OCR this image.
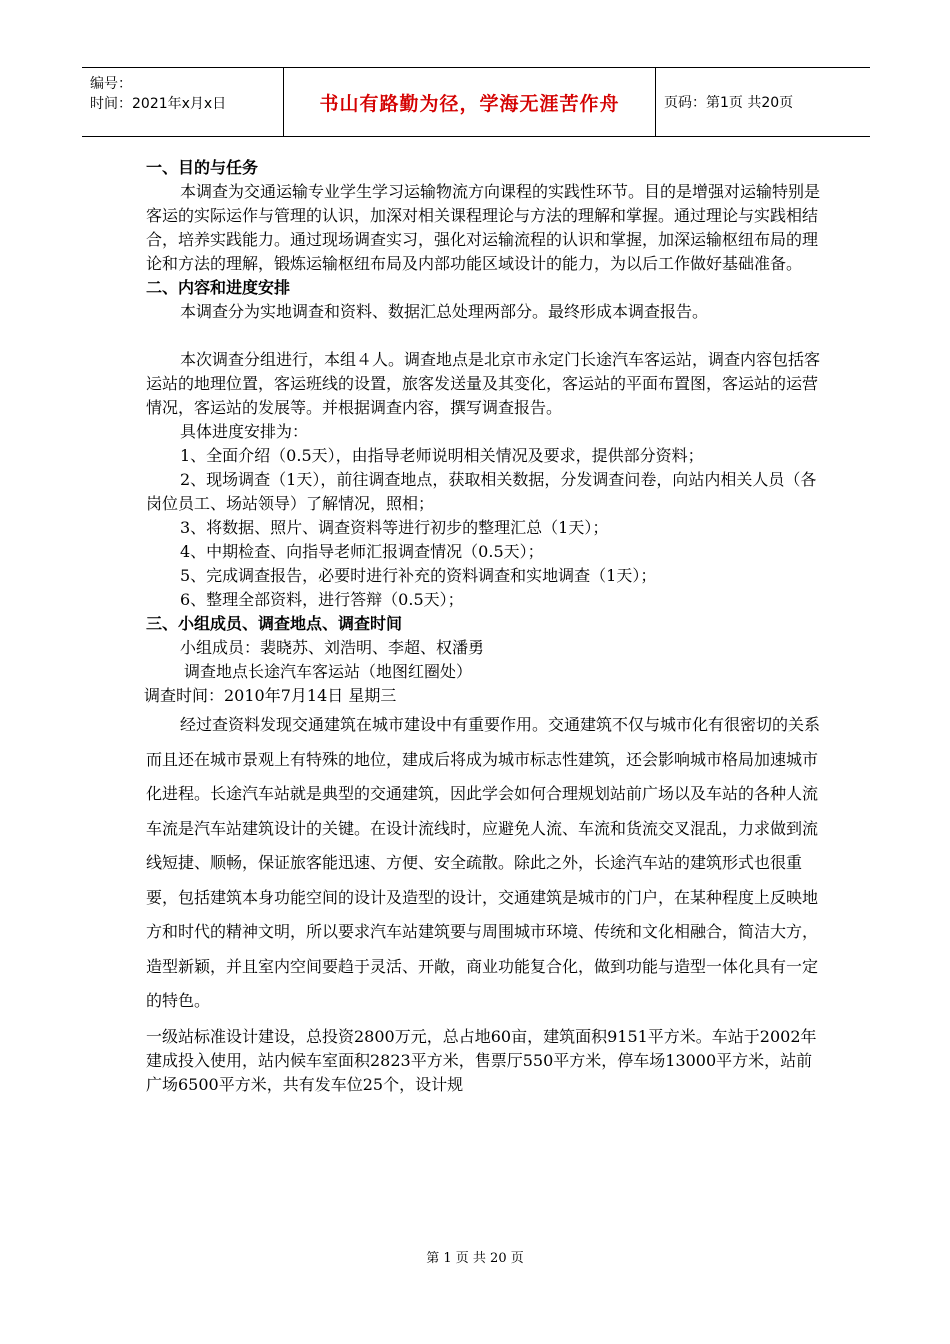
编号：
时间：2021年x月x日	书山有路勤为径，学海无涯苦作舟	页码：第1页 共20页

一、目的与任务

本调查为交通运输专业学生学习运输物流方向课程的实践性环节。目的是增强对运输特别是客运的实际运作与管理的认识，加深对相关课程理论与方法的理解和掌握。通过理论与实践相结合，培养实践能力。通过现场调查实习，强化对运输流程的认识和掌握，加深运输枢纽布局的理论和方法的理解，锻炼运输枢纽布局及内部功能区域设计的能力，为以后工作做好基础准备。

二、内容和进度安排

本调查分为实地调查和资料、数据汇总处理两部分。最终形成本调查报告。

本次调查分组进行，本组４人。调查地点是北京市永定门长途汽车客运站，调查内容包括客运站的地理位置，客运班线的设置，旅客发送量及其变化，客运站的平面布置图，客运站的运营情况，客运站的发展等。并根据调查内容，撰写调查报告。

具体进度安排为：

1、全面介绍（0.5天），由指导老师说明相关情况及要求，提供部分资料；

2、现场调查（1天），前往调查地点，获取相关数据，分发调查问卷，向站内相关人员（各岗位员工、场站领导）了解情况，照相；

3、将数据、照片、调查资料等进行初步的整理汇总（1天）；

4、中期检查、向指导老师汇报调查情况（0.5天）；

5、完成调查报告，必要时进行补充的资料调查和实地调查（1天）；

6、整理全部资料，进行答辩（0.5天）；

三、小组成员、调查地点、调查时间

小组成员：裴晓苏、刘浩明、李超、权潘勇

调查地点长途汽车客运站（地图红圈处）

调查时间：2010年7月14日 星期三

经过查资料发现交通建筑在城市建设中有重要作用。交通建筑不仅与城市化有很密切的关系而且还在城市景观上有特殊的地位，建成后将成为城市标志性建筑，还会影响城市格局加速城市化进程。长途汽车站就是典型的交通建筑，因此学会如何合理规划站前广场以及车站的各种人流车流是汽车站建筑设计的关键。在设计流线时，应避免人流、车流和货流交叉混乱，力求做到流线短捷、顺畅，保证旅客能迅速、方便、安全疏散。除此之外，长途汽车站的建筑形式也很重要，包括建筑本身功能空间的设计及造型的设计，交通建筑是城市的门户，在某种程度上反映地方和时代的精神文明，所以要求汽车站建筑要与周围城市环境、传统和文化相融合，简洁大方，造型新颖，并且室内空间要趋于灵活、开敞，商业功能复合化，做到功能与造型一体化具有一定的特色。

一级站标准设计建设，总投资2800万元，总占地60亩，建筑面积9151平方米。车站于2002年建成投入使用，站内候车室面积2823平方米，售票厅550平方米，停车场13000平方米，站前广场6500平方米，共有发车位25个，设计规

第 1 页 共 20 页
